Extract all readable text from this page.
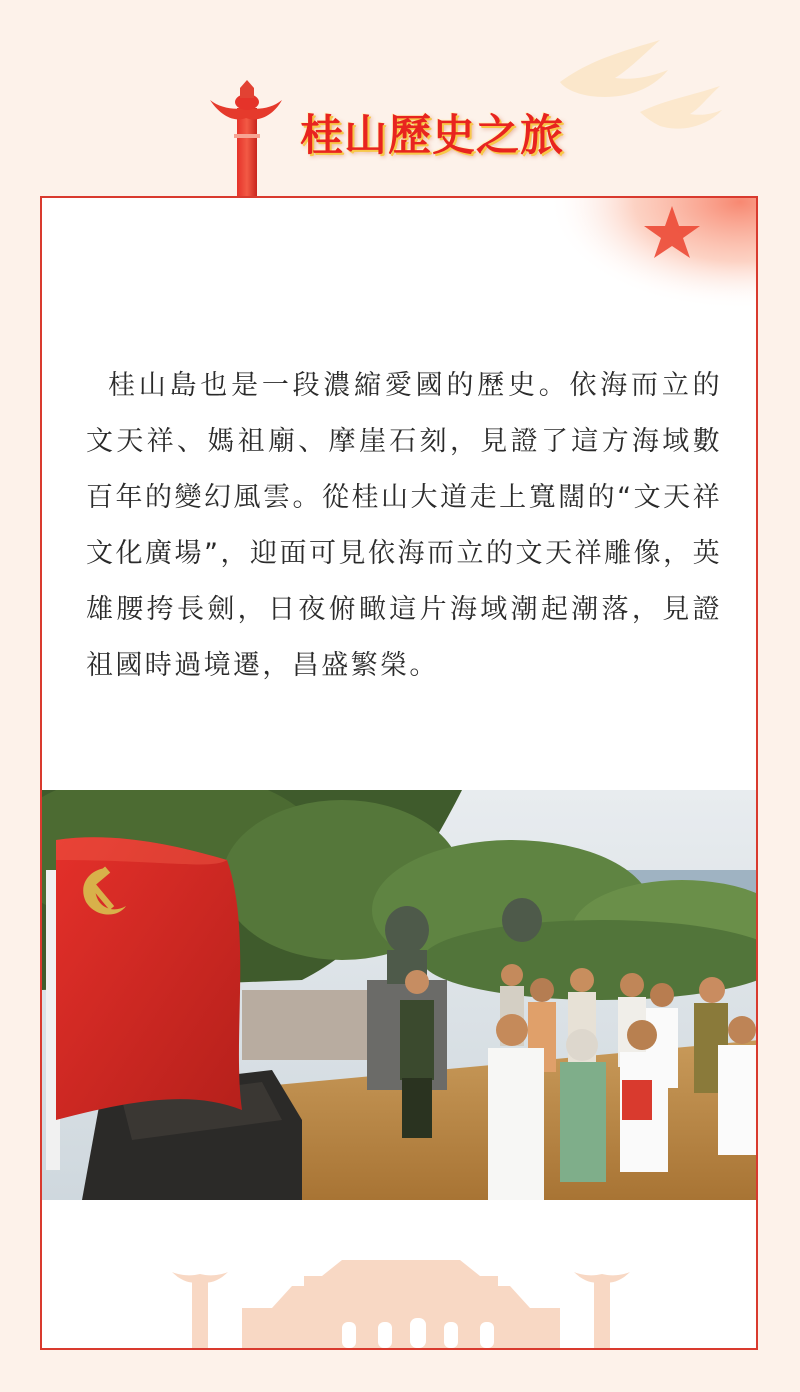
桂山歷史之旅
桂山島也是一段濃縮愛國的歷史。依海而立的文天祥、媽祖廟、摩崖石刻，見證了這方海域數百年的變幻風雲。從桂山大道走上寬闊的“文天祥文化廣場”，迎面可見依海而立的文天祥雕像，英雄腰挎長劍，日夜俯瞰這片海域潮起潮落，見證祖國時過境遷，昌盛繁榮。
